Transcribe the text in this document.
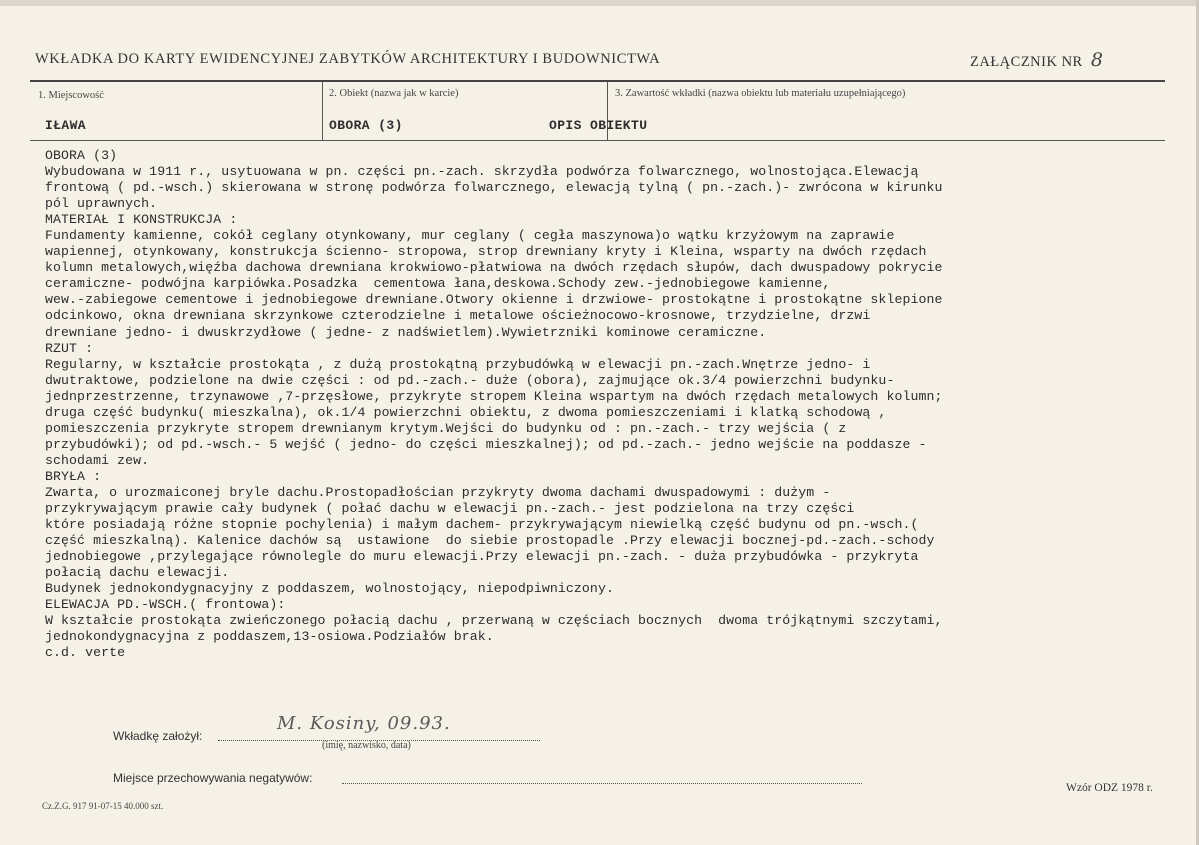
WKŁADKA DO KARTY EWIDENCYJNEJ ZABYTKÓW ARCHITEKTURY I BUDOWNICTWA	ZAŁĄCZNIK NR 8
1. Miejscowość
IŁAWA
2. Obiekt (nazwa jak w karcie)
OBORA (3)
3. Zawartość wkładki (nazwa obiektu lub materiału uzupełniającego)
OPIS OBIEKTU
OBORA (3)
Wybudowana w 1911 r., usytuowana w pn. części pn.-zach. skrzydła podwórza folwarcznego, wolnostojąca.Elewacją
frontową ( pd.-wsch.) skierowana w stronę podwórza folwarcznego, elewacją tylną ( pn.-zach.)- zwrócona w kirunku
pól uprawnych.
MATERIAŁ I KONSTRUKCJA :
Fundamenty kamienne, cokół ceglany otynkowany, mur ceglany ( cegła maszynowa)o wątku krzyżowym na zaprawie
wapiennej, otynkowany, konstrukcja ścienno- stropowa, strop drewniany kryty i Kleina, wsparty na dwóch rzędach
kolumn metalowych,więźba dachowa drewniana krokwiowo-płatwiowa na dwóch rzędach słupów, dach dwuspadowy pokrycie
ceramiczne- podwójna karpiówka.Posadzka  cementowa łana,deskowa.Schody zew.-jednobiegowe kamienne,
wew.-zabiegowe cementowe i jednobiegowe drewniane.Otwory okienne i drzwiowe- prostokątne i prostokątne sklepione
odcinkowo, okna drewniana skrzynkowe czterodzielne i metalowe ościeżnocowo-krosnowe, trzydzielne, drzwi
drewniane jedno- i dwuskrzydłowe ( jedne- z nadświetlem).Wywietrzniki kominowe ceramiczne.
RZUT :
Regularny, w kształcie prostokąta , z dużą prostokątną przybudówką w elewacji pn.-zach.Wnętrze jedno- i
dwutraktowe, podzielone na dwie części : od pd.-zach.- duże (obora), zajmujące ok.3/4 powierzchni budynku-
jednprzestrzenne, trzynawowe ,7-przęsłowe, przykryte stropem Kleina wspartym na dwóch rzędach metalowych kolumn;
druga część budynku( mieszkalna), ok.1/4 powierzchni obiektu, z dwoma pomieszczeniami i klatką schodową ,
pomieszczenia przykryte stropem drewnianym krytym.Wejści do budynku od : pn.-zach.- trzy wejścia ( z
przybudówki); od pd.-wsch.- 5 wejść ( jedno- do części mieszkalnej); od pd.-zach.- jedno wejście na poddasze -
schodami zew.
BRYŁA :
Zwarta, o urozmaiconej bryle dachu.Prostopadłościan przykryty dwoma dachami dwuspadowymi : dużym -
przykrywającym prawie cały budynek ( połać dachu w elewacji pn.-zach.- jest podzielona na trzy części
które posiadają różne stopnie pochylenia) i małym dachem- przykrywającym niewielką część budynu od pn.-wsch.(
część mieszkalną). Kalenice dachów są  ustawione  do siebie prostopadle .Przy elewacji bocznej-pd.-zach.-schody
jednobiegowe ,przylegające równolegle do muru elewacji.Przy elewacji pn.-zach. - duża przybudówka - przykryta
połacią dachu elewacji.
Budynek jednokondygnacyjny z poddaszem, wolnostojący, niepodpiwniczony.
ELEWACJA PD.-WSCH.( frontowa):
W kształcie prostokąta zwieńczonego połacią dachu , przerwaną w częściach bocznych  dwoma trójkątnymi szczytami,
jednokondygnacyjna z poddaszem,13-osiowa.Podziałów brak.
c.d. verte
Wkładkę założył:
M. Kosiny, 09.93.
(imię, nazwisko, data)
Miejsce przechowywania negatywów:
Cz.Z.G. 917 91-07-15 40.000 szt.
Wzór ODZ 1978 r.
